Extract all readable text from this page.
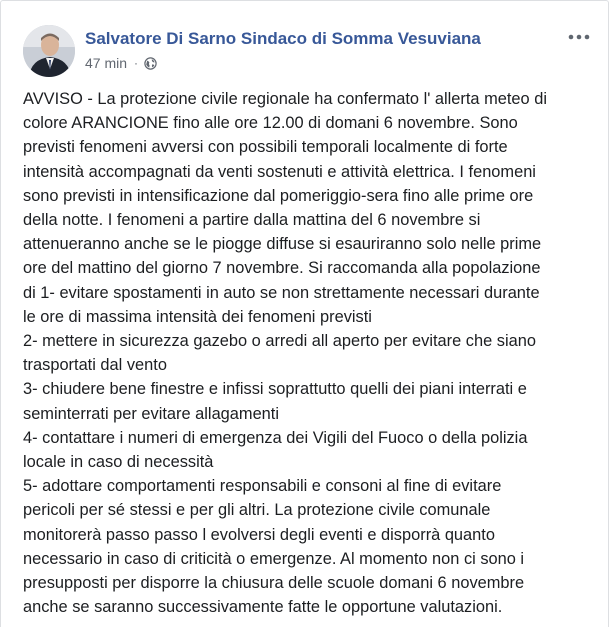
Salvatore Di Sarno Sindaco di Somma Vesuviana
47 min ·

AVVISO - La protezione civile regionale ha confermato l' allerta meteo di

colore ARANCIONE fino alle ore 12.00 di domani 6 novembre. Sono

previsti fenomeni avversi con possibili temporali localmente di forte

intensità accompagnati da venti sostenuti e attività elettrica. I fenomeni

sono previsti in intensificazione dal pomeriggio-sera fino alle prime ore

della notte. I fenomeni a partire dalla mattina del 6 novembre si

attenueranno anche se le piogge diffuse si esauriranno solo nelle prime

ore del mattino del giorno 7 novembre. Si raccomanda alla popolazione

di 1- evitare spostamenti in auto se non strettamente necessari durante

le ore di massima intensità dei fenomeni previsti

2- mettere in sicurezza gazebo o arredi all aperto per evitare che siano

trasportati dal vento

3- chiudere bene finestre e infissi soprattutto quelli dei piani interrati e

seminterrati per evitare allagamenti

4- contattare i numeri di emergenza dei Vigili del Fuoco o della polizia

locale in caso di necessità

5- adottare comportamenti responsabili e consoni al fine di evitare

pericoli per sé stessi e per gli altri. La protezione civile comunale

monitorerà passo passo l evolversi degli eventi e disporrà quanto

necessario in caso di criticità o emergenze. Al momento non ci sono i

presupposti per disporre la chiusura delle scuole domani 6 novembre

anche se saranno successivamente fatte le opportune valutazioni.
